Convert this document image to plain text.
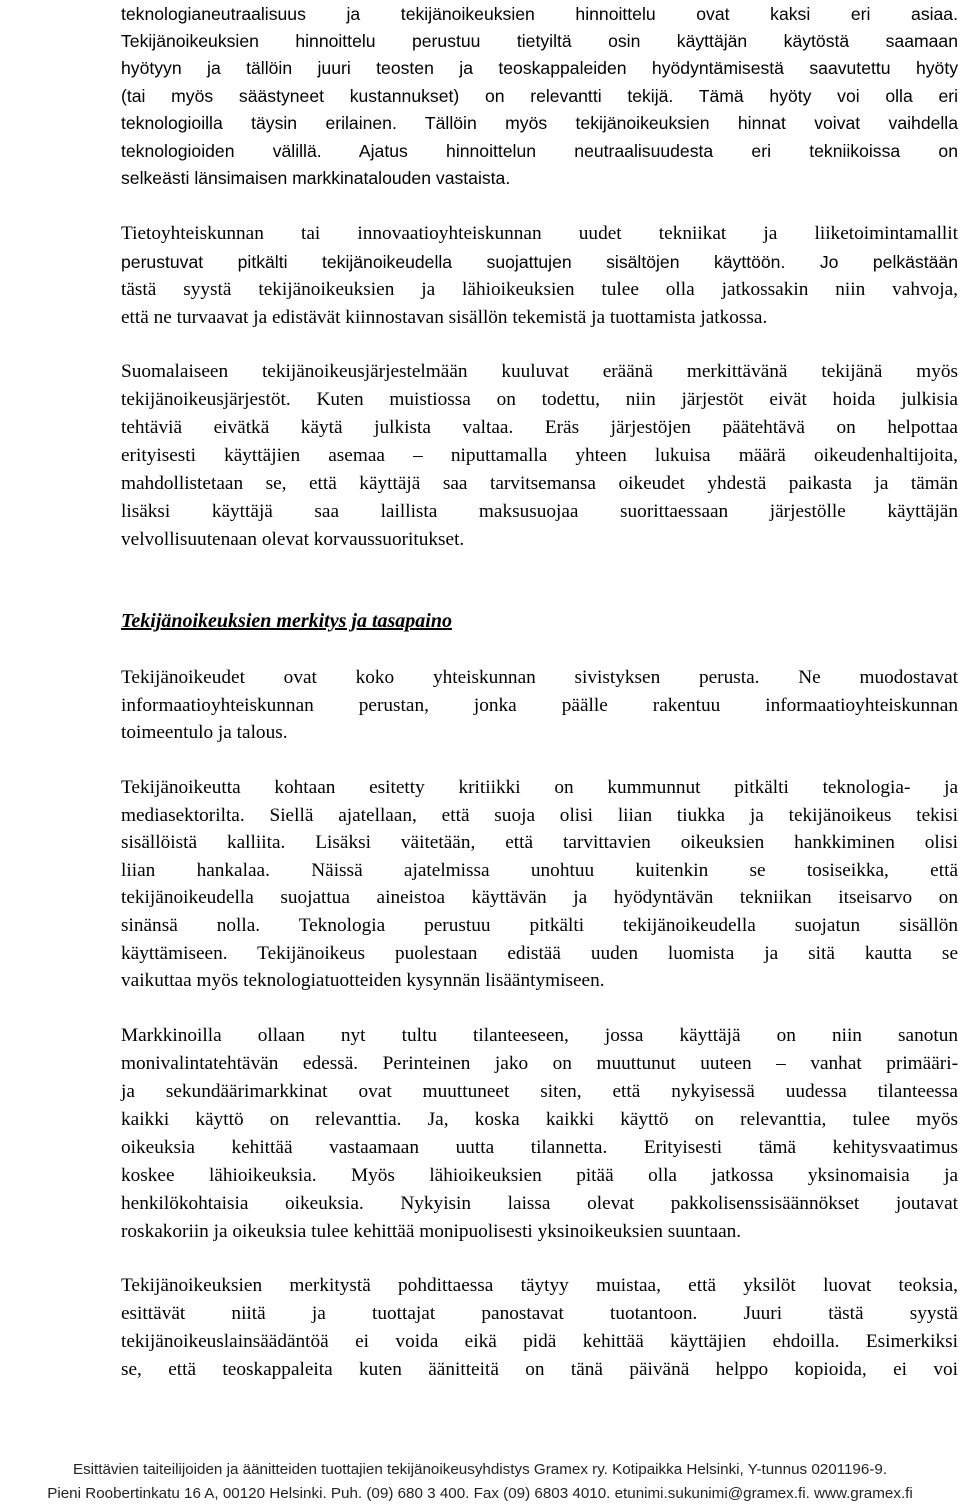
teknologianeutraalisuus ja tekijänoikeuksien hinnoittelu ovat kaksi eri asiaa.
Tekijänoikeuksien hinnoittelu perustuu tietyiltä osin käyttäjän käytöstä saamaan
hyötyyn ja tällöin juuri teosten ja teoskappaleiden hyödyntämisestä saavutettu hyöty
(tai myös säästyneet kustannukset) on relevantti tekijä. Tämä hyöty voi olla eri
teknologioilla täysin erilainen. Tällöin myös tekijänoikeuksien hinnat voivat vaihdella
teknologioiden välillä. Ajatus hinnoittelun neutraalisuudesta eri tekniikoissa on
selkeästi länsimaisen markkinatalouden vastaista.
Tietoyhteiskunnan tai innovaatioyhteiskunnan uudet tekniikat ja liiketoimintamallit
perustuvat pitkälti tekijänoikeudella suojattujen sisältöjen käyttöön. Jo pelkästään
tästä syystä tekijänoikeuksien ja lähioikeuksien tulee olla jatkossakin niin vahvoja,
että ne turvaavat ja edistävät kiinnostavan sisällön tekemistä ja tuottamista jatkossa.
Suomalaiseen tekijänoikeusjärjestelmään kuuluvat eräänä merkittävänä tekijänä myös
tekijänoikeusjärjestöt. Kuten muistiossa on todettu, niin järjestöt eivät hoida julkisia
tehtäviä eivätkä käytä julkista valtaa. Eräs järjestöjen päätehtävä on helpottaa
erityisesti käyttäjien asemaa – niputtamalla yhteen lukuisa määrä oikeudenhaltijoita,
mahdollistetaan se, että käyttäjä saa tarvitsemansa oikeudet yhdestä paikasta ja tämän
lisäksi käyttäjä saa laillista maksusuojaa suorittaessaan järjestölle käyttäjän
velvollisuutenaan olevat korvaussuoritukset.
Tekijänoikeuksien merkitys ja tasapaino
Tekijänoikeudet ovat koko yhteiskunnan sivistyksen perusta. Ne muodostavat
informaatioyhteiskunnan perustan, jonka päälle rakentuu informaatioyhteiskunnan
toimeentulo ja talous.
Tekijänoikeutta kohtaan esitetty kritiikki on kummunnut pitkälti teknologia- ja
mediasektorilta. Siellä ajatellaan, että suoja olisi liian tiukka ja tekijänoikeus tekisi
sisällöistä kalliita. Lisäksi väitetään, että tarvittavien oikeuksien hankkiminen olisi
liian hankalaa. Näissä ajatelmissa unohtuu kuitenkin se tosiseikka, että
tekijänoikeudella suojattua aineistoa käyttävän ja hyödyntävän tekniikan itseisarvo on
sinänsä nolla. Teknologia perustuu pitkälti tekijänoikeudella suojatun sisällön
käyttämiseen. Tekijänoikeus puolestaan edistää uuden luomista ja sitä kautta se
vaikuttaa myös teknologiatuotteiden kysynnän lisääntymiseen.
Markkinoilla ollaan nyt tultu tilanteeseen, jossa käyttäjä on niin sanotun
monivalintatehtävän edessä. Perinteinen jako on muuttunut uuteen – vanhat primääri-
ja sekundäärimarkkinat ovat muuttuneet siten, että nykyisessä uudessa tilanteessa
kaikki käyttö on relevanttia. Ja, koska kaikki käyttö on relevanttia, tulee myös
oikeuksia kehittää vastaamaan uutta tilannetta. Erityisesti tämä kehitysvaatimus
koskee lähioikeuksia. Myös lähioikeuksien pitää olla jatkossa yksinomaisia ja
henkilökohtaisia oikeuksia. Nykyisin laissa olevat pakkolisenssisäännökset joutavat
roskakoriin ja oikeuksia tulee kehittää monipuolisesti yksinoikeuksien suuntaan.
Tekijänoikeuksien merkitystä pohdittaessa täytyy muistaa, että yksilöt luovat teoksia,
esittävät niitä ja tuottajat panostavat tuotantoon. Juuri tästä syystä
tekijänoikeuslainsäädäntöä ei voida eikä pidä kehittää käyttäjien ehdoilla. Esimerkiksi
se, että teoskappaleita kuten äänitteitä on tänä päivänä helppo kopioida, ei voi
Esittävien taiteilijoiden ja äänitteiden tuottajien tekijänoikeusyhdistys Gramex ry. Kotipaikka Helsinki, Y-tunnus 0201196-9.
Pieni Roobertinkatu 16 A, 00120 Helsinki. Puh. (09) 680 3 400. Fax (09) 6803 4010. etunimi.sukunimi@gramex.fi. www.gramex.fi
